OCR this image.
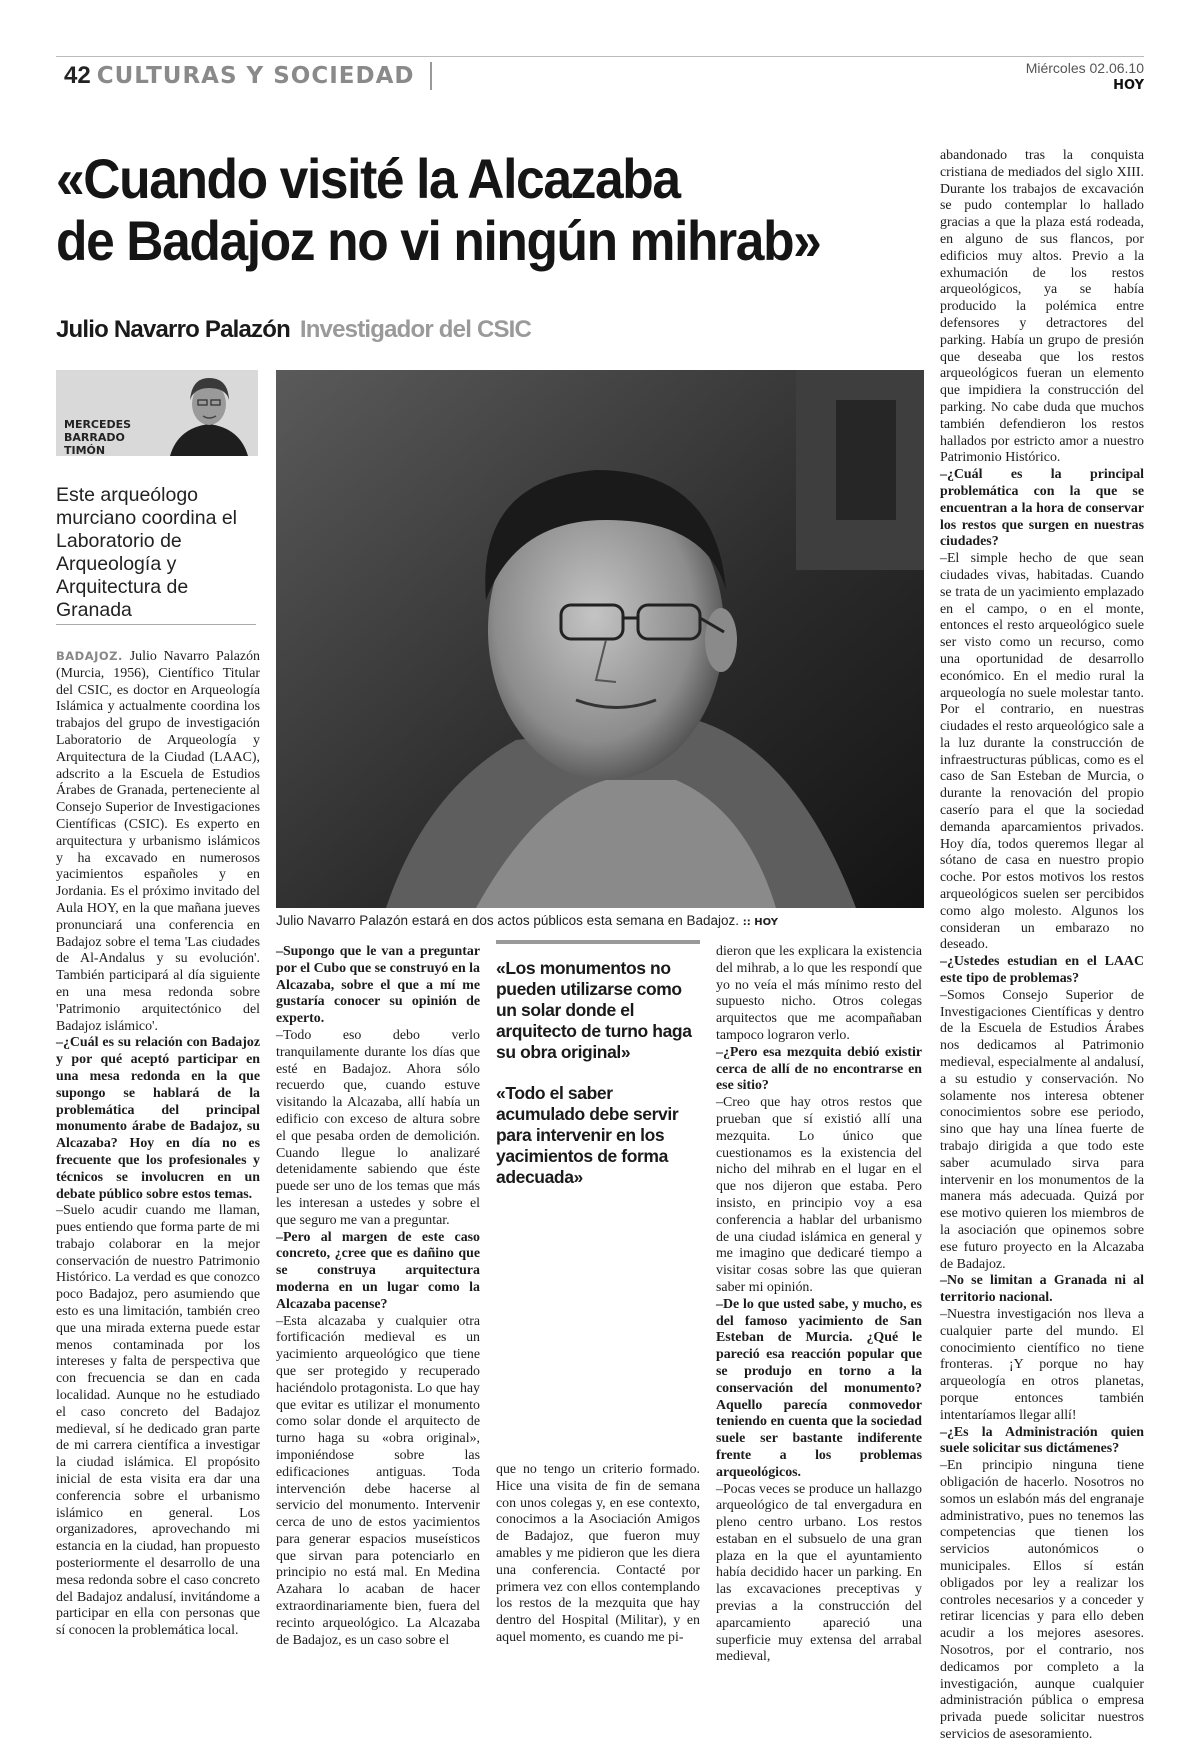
42 CULTURAS Y SOCIEDAD	Miércoles 02.06.10
HOY
«Cuando visité la Alcazaba
de Badajoz no vi ningún mihrab»
Julio Navarro Palazón Investigador del CSIC
MERCEDES BARRADO TIMÓN
Este arqueólogo murciano coordina el Laboratorio de Arqueología y Arquitectura de Granada
Julio Navarro Palazón estará en dos actos públicos esta semana en Badajoz. :: HOY

BADAJOZ. Julio Navarro Palazón (Murcia, 1956), Científico Titular del CSIC, es doctor en Arqueología Islámica y actualmente coordina los trabajos del grupo de investigación Laboratorio de Arqueología y Arquitectura de la Ciudad (LAAC), adscrito a la Escuela de Estudios Árabes de Granada, perteneciente al Consejo Superior de Investigaciones Científicas (CSIC). Es experto en arquitectura y urbanismo islámicos y ha excavado en numerosos yacimientos españoles y en Jordania. Es el próximo invitado del Aula HOY, en la que mañana jueves pronunciará una conferencia en Badajoz sobre el tema 'Las ciudades de Al-Andalus y su evolución'. También participará al día siguiente en una mesa redonda sobre 'Patrimonio arquitectónico del Badajoz islámico'.

–¿Cuál es su relación con Badajoz y por qué aceptó participar en una mesa redonda en la que supongo se hablará de la problemática del principal monumento árabe de Badajoz, su Alcazaba? Hoy en día no es frecuente que los profesionales y técnicos se involucren en un debate público sobre estos temas.

–Suelo acudir cuando me llaman, pues entiendo que forma parte de mi trabajo colaborar en la mejor conservación de nuestro Patrimonio Histórico. La verdad es que conozco poco Badajoz, pero asumiendo que esto es una limitación, también creo que una mirada externa puede estar menos contaminada por los intereses y falta de perspectiva que con frecuencia se dan en cada localidad. Aunque no he estudiado el caso concreto del Badajoz medieval, sí he dedicado gran parte de mi carrera científica a investigar la ciudad islámica. El propósito inicial de esta visita era dar una conferencia sobre el urbanismo islámico en general. Los organizadores, aprovechando mi estancia en la ciudad, han propuesto posteriormente el desarrollo de una mesa redonda sobre el caso concreto del Badajoz andalusí, invitándome a participar en ella con personas que sí conocen la problemática local.

–Supongo que le van a preguntar por el Cubo que se construyó en la Alcazaba, sobre el que a mí me gustaría conocer su opinión de experto.

–Todo eso debo verlo tranquilamente durante los días que esté en Badajoz. Ahora sólo recuerdo que, cuando estuve visitando la Alcazaba, allí había un edificio con exceso de altura sobre el que pesaba orden de demolición. Cuando llegue lo analizaré detenidamente sabiendo que éste puede ser uno de los temas que más les interesan a ustedes y sobre el que seguro me van a preguntar.

–Pero al margen de este caso concreto, ¿cree que es dañino que se construya arquitectura moderna en un lugar como la Alcazaba pacense?

–Esta alcazaba y cualquier otra fortificación medieval es un yacimiento arqueológico que tiene que ser protegido y recuperado haciéndolo protagonista. Lo que hay que evitar es utilizar el monumento como solar donde el arquitecto de turno haga su «obra original», imponiéndose sobre las edificaciones antiguas. Toda intervención debe hacerse al servicio del monumento. Intervenir cerca de uno de estos yacimientos para generar espacios museísticos que sirvan para potenciarlo en principio no está mal. En Medina Azahara lo acaban de hacer extraordinariamente bien, fuera del recinto arqueológico. La Alcazaba de Badajoz, es un caso sobre el

«Los monumentos no pueden utilizarse como un solar donde el arquitecto de turno haga su obra original»
«Todo el saber acumulado debe servir para intervenir en los yacimientos de forma adecuada»

que no tengo un criterio formado. Hice una visita de fin de semana con unos colegas y, en ese contexto, conocimos a la Asociación Amigos de Badajoz, que fueron muy amables y me pidieron que les diera una conferencia. Contacté por primera vez con ellos contemplando los restos de la mezquita que hay dentro del Hospital (Militar), y en aquel momento, es cuando me pi-

dieron que les explicara la existencia del mihrab, a lo que les respondí que yo no veía el más mínimo resto del supuesto nicho. Otros colegas arquitectos que me acompañaban tampoco lograron verlo.

–¿Pero esa mezquita debió existir cerca de allí de no encontrarse en ese sitio?

–Creo que hay otros restos que prueban que sí existió allí una mezquita. Lo único que cuestionamos es la existencia del nicho del mihrab en el lugar en el que nos dijeron que estaba. Pero insisto, en principio voy a esa conferencia a hablar del urbanismo de una ciudad islámica en general y me imagino que dedicaré tiempo a visitar cosas sobre las que quieran saber mi opinión.

–De lo que usted sabe, y mucho, es del famoso yacimiento de San Esteban de Murcia. ¿Qué le pareció esa reacción popular que se produjo en torno a la conservación del monumento? Aquello parecía conmovedor teniendo en cuenta que la sociedad suele ser bastante indiferente frente a los problemas arqueológicos.

–Pocas veces se produce un hallazgo arqueológico de tal envergadura en pleno centro urbano. Los restos estaban en el subsuelo de una gran plaza en la que el ayuntamiento había decidido hacer un parking. En las excavaciones preceptivas y previas a la construcción del aparcamiento apareció una superficie muy extensa del arrabal medieval,

abandonado tras la conquista cristiana de mediados del siglo XIII. Durante los trabajos de excavación se pudo contemplar lo hallado gracias a que la plaza está rodeada, en alguno de sus flancos, por edificios muy altos. Previo a la exhumación de los restos arqueológicos, ya se había producido la polémica entre defensores y detractores del parking. Había un grupo de presión que deseaba que los restos arqueológicos fueran un elemento que impidiera la construcción del parking. No cabe duda que muchos también defendieron los restos hallados por estricto amor a nuestro Patrimonio Histórico.

–¿Cuál es la principal problemática con la que se encuentran a la hora de conservar los restos que surgen en nuestras ciudades?

–El simple hecho de que sean ciudades vivas, habitadas. Cuando se trata de un yacimiento emplazado en el campo, o en el monte, entonces el resto arqueológico suele ser visto como un recurso, como una oportunidad de desarrollo económico. En el medio rural la arqueología no suele molestar tanto. Por el contrario, en nuestras ciudades el resto arqueológico sale a la luz durante la construcción de infraestructuras públicas, como es el caso de San Esteban de Murcia, o durante la renovación del propio caserío para el que la sociedad demanda aparcamientos privados. Hoy día, todos queremos llegar al sótano de casa en nuestro propio coche. Por estos motivos los restos arqueológicos suelen ser percibidos como algo molesto. Algunos los consideran un embarazo no deseado.

–¿Ustedes estudian en el LAAC este tipo de problemas?

–Somos Consejo Superior de Investigaciones Científicas y dentro de la Escuela de Estudios Árabes nos dedicamos al Patrimonio medieval, especialmente al andalusí, a su estudio y conservación. No solamente nos interesa obtener conocimientos sobre ese periodo, sino que hay una línea fuerte de trabajo dirigida a que todo este saber acumulado sirva para intervenir en los monumentos de la manera más adecuada. Quizá por ese motivo quieren los miembros de la asociación que opinemos sobre ese futuro proyecto en la Alcazaba de Badajoz.

–No se limitan a Granada ni al territorio nacional.

–Nuestra investigación nos lleva a cualquier parte del mundo. El conocimiento científico no tiene fronteras. ¡Y porque no hay arqueología en otros planetas, porque entonces también intentaríamos llegar allí!

–¿Es la Administración quien suele solicitar sus dictámenes?

–En principio ninguna tiene obligación de hacerlo. Nosotros no somos un eslabón más del engranaje administrativo, pues no tenemos las competencias que tienen los servicios autonómicos o municipales. Ellos sí están obligados por ley a realizar los controles necesarios y a conceder y retirar licencias y para ello deben acudir a los mejores asesores. Nosotros, por el contrario, nos dedicamos por completo a la investigación, aunque cualquier administración pública o empresa privada puede solicitar nuestros servicios de asesoramiento.
